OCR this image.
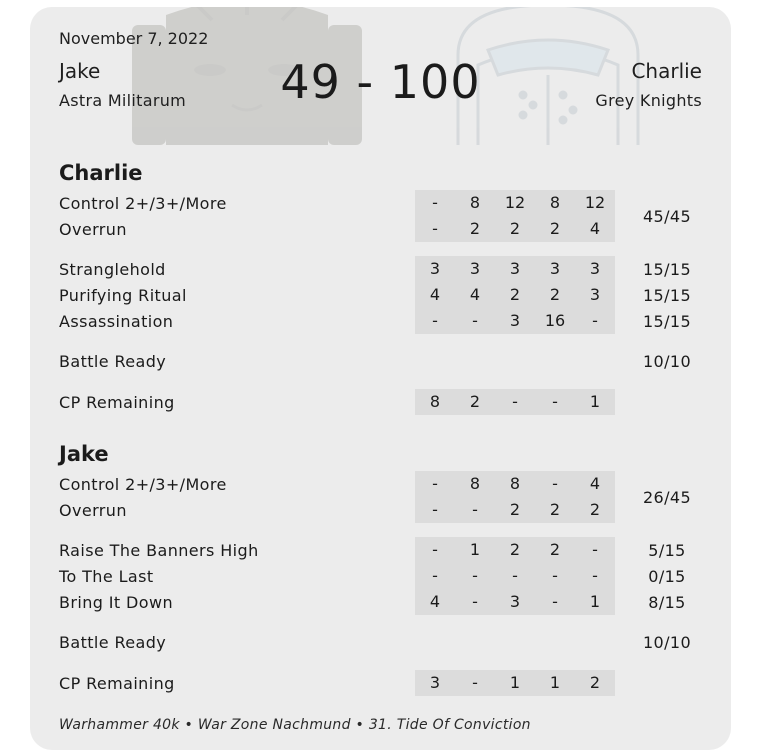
November 7, 2022
Jake
Astra Militarum	49 - 100	Charlie
Grey Knights
Charlie
Control 2+/3+/More	-	8	12	8	12
Overrun	-	2	2	2	4
45/45
Stranglehold	3	3	3	3	3	15/15
Purifying Ritual	4	4	2	2	3	15/15
Assassination	-	-	3	16	-	15/15
Battle Ready	10/10
CP Remaining	8	2	-	-	1
Jake
Control 2+/3+/More	-	8	8	-	4
Overrun	-	-	2	2	2
26/45
Raise The Banners High	-	1	2	2	-	5/15
To The Last	-	-	-	-	-	0/15
Bring It Down	4	-	3	-	1	8/15
Battle Ready	10/10
CP Remaining	3	-	1	1	2
Warhammer 40k • War Zone Nachmund • 31. Tide Of Conviction
